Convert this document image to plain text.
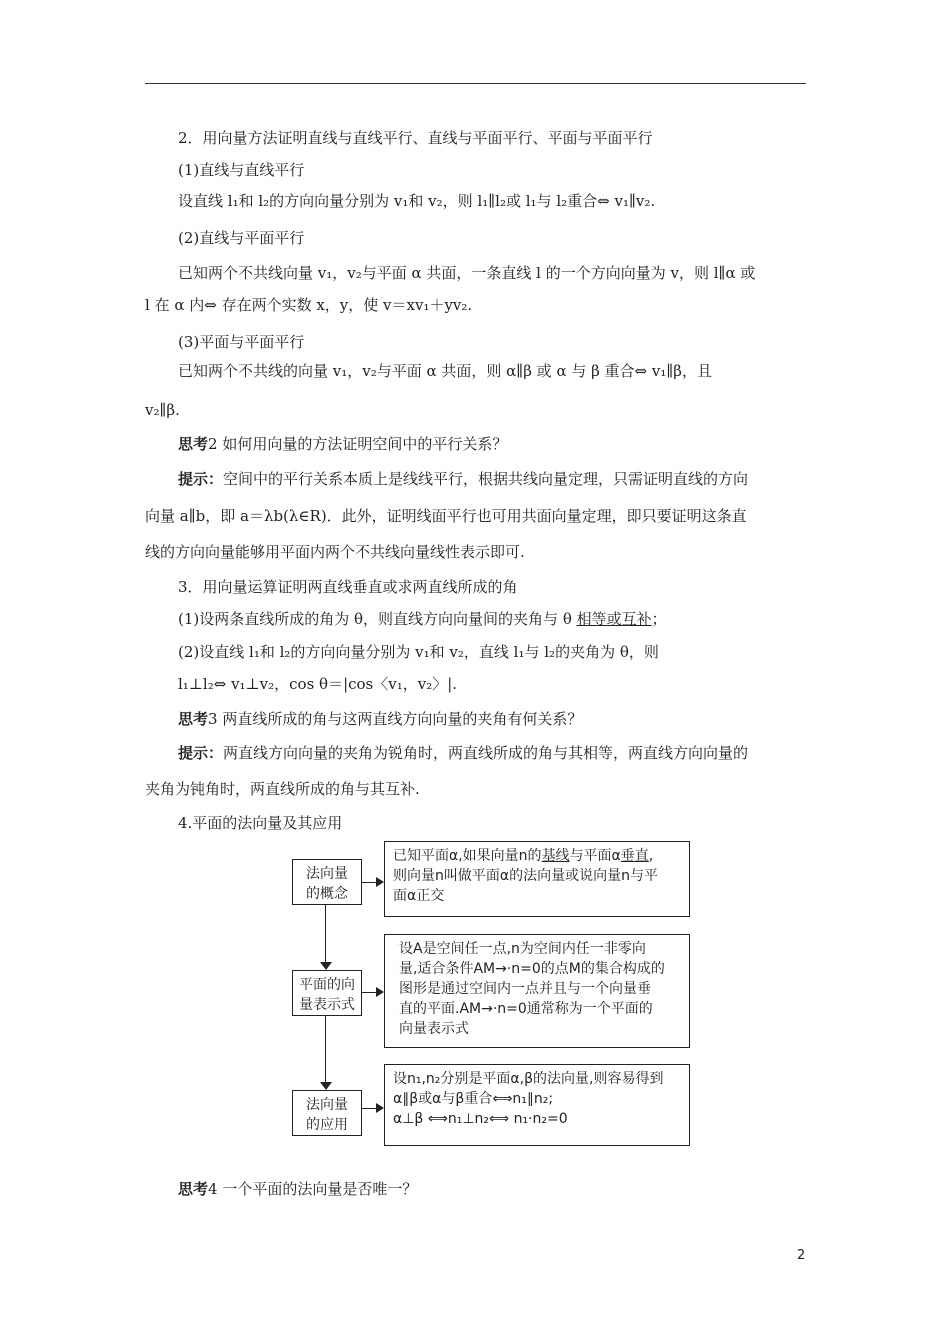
2．用向量方法证明直线与直线平行、直线与平面平行、平面与平面平行
(1)直线与直线平行
设直线 l₁和 l₂的方向向量分别为 v₁和 v₂，则 l₁∥l₂或 l₁与 l₂重合⇔ v₁∥v₂.
(2)直线与平面平行
已知两个不共线向量 v₁，v₂与平面 α 共面，一条直线 l 的一个方向向量为 v，则 l∥α 或
l 在 α 内⇔ 存在两个实数 x，y，使 v＝xv₁＋yv₂.
(3)平面与平面平行
已知两个不共线的向量 v₁，v₂与平面 α 共面，则 α∥β 或 α 与 β 重合⇔ v₁∥β，且
v₂∥β.
思考2 如何用向量的方法证明空间中的平行关系？
提示：空间中的平行关系本质上是线线平行，根据共线向量定理，只需证明直线的方向
向量 a∥b，即 a＝λb(λ∈R)．此外，证明线面平行也可用共面向量定理，即只要证明这条直
线的方向向量能够用平面内两个不共线向量线性表示即可.
3．用向量运算证明两直线垂直或求两直线所成的角
(1)设两条直线所成的角为 θ，则直线方向向量间的夹角与 θ 相等或互补；
(2)设直线 l₁和 l₂的方向向量分别为 v₁和 v₂，直线 l₁与 l₂的夹角为 θ，则
l₁⊥l₂⇔ v₁⊥v₂，cos θ＝|cos〈v₁，v₂〉|.
思考3 两直线所成的角与这两直线方向向量的夹角有何关系？
提示：两直线方向向量的夹角为锐角时，两直线所成的角与其相等，两直线方向向量的
夹角为钝角时，两直线所成的角与其互补.
4.平面的法向量及其应用
法向量
的概念
已知平面α,如果向量n的基线与平面α垂直,
则向量n叫做平面α的法向量或说向量n与平
面α正交
平面的向
量表示式
设A是空间任一点,n为空间内任一非零向
量,适合条件AM→·n=0的点M的集合构成的
图形是通过空间内一点并且与一个向量垂
直的平面.AM→·n=0通常称为一个平面的
向量表示式
法向量
的应用
设n₁,n₂分别是平面α,β的法向量,则容易得到
α∥β或α与β重合⟺n₁∥n₂;
α⊥β ⟺n₁⊥n₂⟺ n₁·n₂=0
思考4 一个平面的法向量是否唯一？
2
